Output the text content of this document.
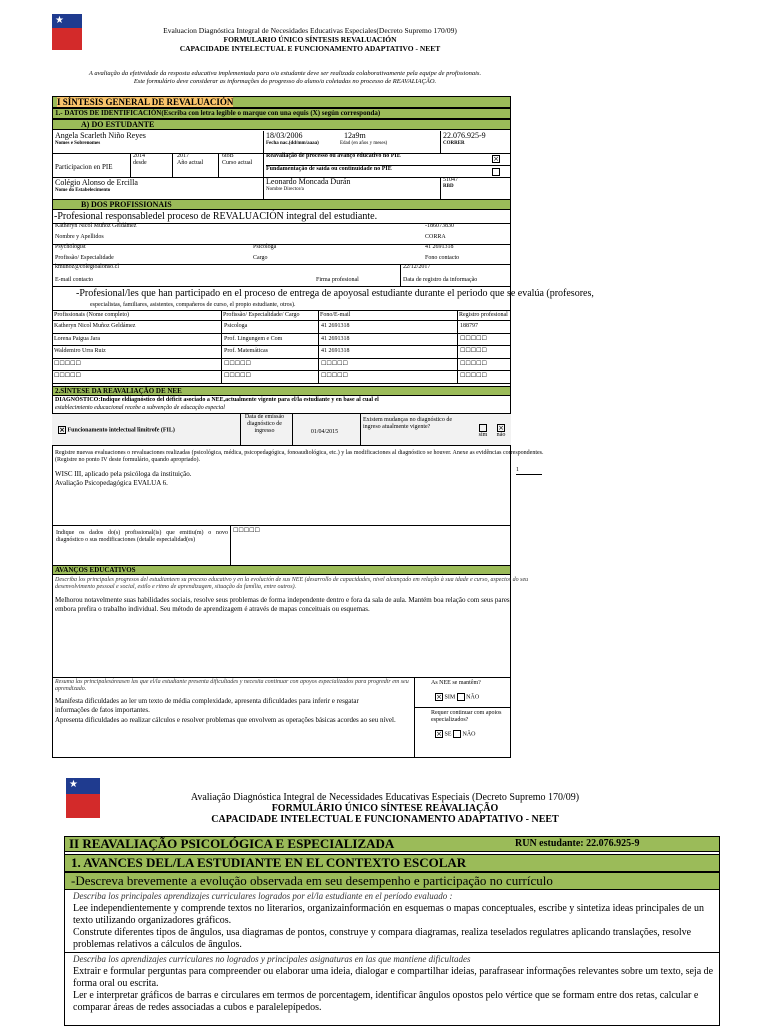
★
Evaluacion Diagnóstica Integral de Necesidades Educativas Especiales(Decreto Supremo 170/09)
FORMULARIO ÚNICO SÍNTESIS REVALUACIÓN
CAPACIDADE INTELECTUAL E FUNCIONAMENTO ADAPTATIVO - NEET
A avaliação da efetividade da resposta educativa implementada para o/a estudante deve ser realizada colaborativamente pela equipe de profissionais.
Este formulário deve considerar as informações do progresso do aluno/a coletadas no processo de REAVALIAÇÃO.
I SÍNTESIS GENERAL DE REVALUACIÓN
1.- DATOS DE IDENTIFICACIÓN(Escriba con letra legible o marque con una equis (X) según corresponda)
A) DO ESTUDANTE
Angela Scarleth Niño Reyes
Nomes e Sobrenomes
18/03/2006
Fecha nac.(dd/mm/aaaa)
12a9m
Edad (en años y meses)
22.076.925-9
CORRER
Participacion en PIE
2014
desde
2017
Año actual
6toB
Curso actual
Reavaliação de processo ou avanço educativo no PIE	×
Fundamentação de saída ou continuidade no PIE
Colégio Alonso de Ercilla
Nome do Estabelecimento
Leonardo Moncada Durán
Nombre Director/a
51047
RBD
B) DOS PROFISSIONAIS
-Profesional responsabledel proceso de REVALUACIÓN integral del estudiante.
Katheryn Nicol Muñoz Geldámez
Nombre y Apellidos
-186073830
CORRA
Psychologist
Profissão/ Especialidade
Psicologa
Cargo
41 2691318
Fono contacto
kmunoz@colegioalonso.cl
E-mail contacto	Firma profesional
22/12/2017
Data de registro da informação
-Profesional/les que han participado en el proceso de entrega de apoyosal estudiante durante el periodo que se evalúa (profesores,
especialistas, familiares, asistentes, compañeros de curso, el propio estudiante, otros).
Profissionais (Nome completo)	Profissão/ Especialidade/ Cargo	Fono/E-mail	Registro profesional
Katheryn Nicol Muñoz Geldámez	Psicologa	41 2691318	188797
Lorena Paigua Jara	Prof. Lingungem e Com	41 2691318	☐☐☐☐☐
Waldemiro Urra Ruiz	Prof. Matemáticas	41 2691318	☐☐☐☐☐
☐☐☐☐☐	☐☐☐☐☐	☐☐☐☐☐	☐☐☐☐☐
☐☐☐☐☐	☐☐☐☐☐	☐☐☐☐☐	☐☐☐☐☐
2.SÍNTESE DA REAVALIAÇÃO DE NEE
DIAGNÓSTICO:Indique eldiagnóstico del déficit asociado a NEE,actualmente vigente para el/la estudiante y en base al cual el
establecimiento educacional recebe a subvenção de educação especial
× Funcionamento intelectual limítrofe (FIL)
Data de emissão diagnóstico de ingresso	01/04/2015
Existem mudanças no diagnóstico de ingreso atualmente vigente?
sim
×
não
Registre nuevas evaluaciones o revaluaciones realizadas (psicológica, médica, psicopedagógica, fonoaudiológica, etc.) y las modificaciones al diagnóstico se houver. Anexe as evidências correspondentes. (Registre no ponto IV deste formulário, quando apropriado).
WISC III, aplicado pela psicóloga da instituição.
Avaliação Psicopedagógica EVALUA 6.
1
Indique os dados do(s) profissional(is) que emitiu(m) o novo diagnóstico o sus modificaciones (detalle especialidad(es)
☐☐☐☐☐
AVANÇOS EDUCATIVOS
Describa los principales progresos del estudianteen su proceso educativo y en la evolución de sus NEE (desarrollo de capacidades, nivel alcançado em relação à sua idade e curso, aspectos do seu desenvolvimento pessoal e social, estilo e ritmo de aprendizagem, situação da família, entre outros).
Melhorou notavelmente suas habilidades sociais, resolve seus problemas de forma independente dentro e fora da sala de aula. Mantém boa relação com seus pares, embora prefira o trabalho individual. Seu método de aprendizagem é através de mapas conceituais ou esquemas.
Resuma las principalesáreasen las que el/la estudiante presenta dificultades y necesita continuar con apoyos especializados para progredir em seu aprendizado.
Manifesta dificuldades ao ler um texto de média complexidade, apresenta dificuldades para inferir e resgatar informações de fatos importantes.
Apresenta dificuldades ao realizar cálculos e resolver problemas que envolvem as operações básicas acordes ao seu nível.
As NEE se mantêm?
× SIM NÃO
Requer continuar com apoios especializados?
× SE NÃO
★
Avaliação Diagnóstica Integral de Necessidades Educativas Especiais (Decreto Supremo 170/09)
FORMULÁRIO ÚNICO SÍNTESE REAVALIAÇÃO
CAPACIDADE INTELECTUAL E FUNCIONAMENTO ADAPTATIVO - NEET
II REAVALIAÇÃO PSICOLÓGICA E ESPECIALIZADA	RUN estudante: 22.076.925-9
1. AVANCES DEL/LA ESTUDIANTE EN EL CONTEXTO ESCOLAR
-Descreva brevemente a evolução observada em seu desempenho e participação no currículo
Describa los principales aprendizajes curriculares logrados por el/la estudiante en el período evaluado :
Lee independientemente y comprende textos no literarios, organizainformación en esquemas o mapas conceptuales, escribe y sintetiza ideas principales de un texto utilizando organizadores gráficos.
Construte diferentes tipos de ângulos, usa diagramas de pontos, construye y compara diagramas, realiza teselados regulatres aplicando translações, resolve problemas relativos a cálculos de ângulos.
Describa los aprendizajes curriculares no logrados y principales asignaturas en las que mantiene dificultades
Extrair e formular perguntas para compreender ou elaborar uma ideia, dialogar e compartilhar ideias, parafrasear informações relevantes sobre um texto, seja de forma oral ou escrita.
Ler e interpretar gráficos de barras e circulares em termos de porcentagem, identificar ângulos opostos pelo vértice que se formam entre dos retas, calcular e comparar áreas de redes associadas a cubos e paralelepípedos.
